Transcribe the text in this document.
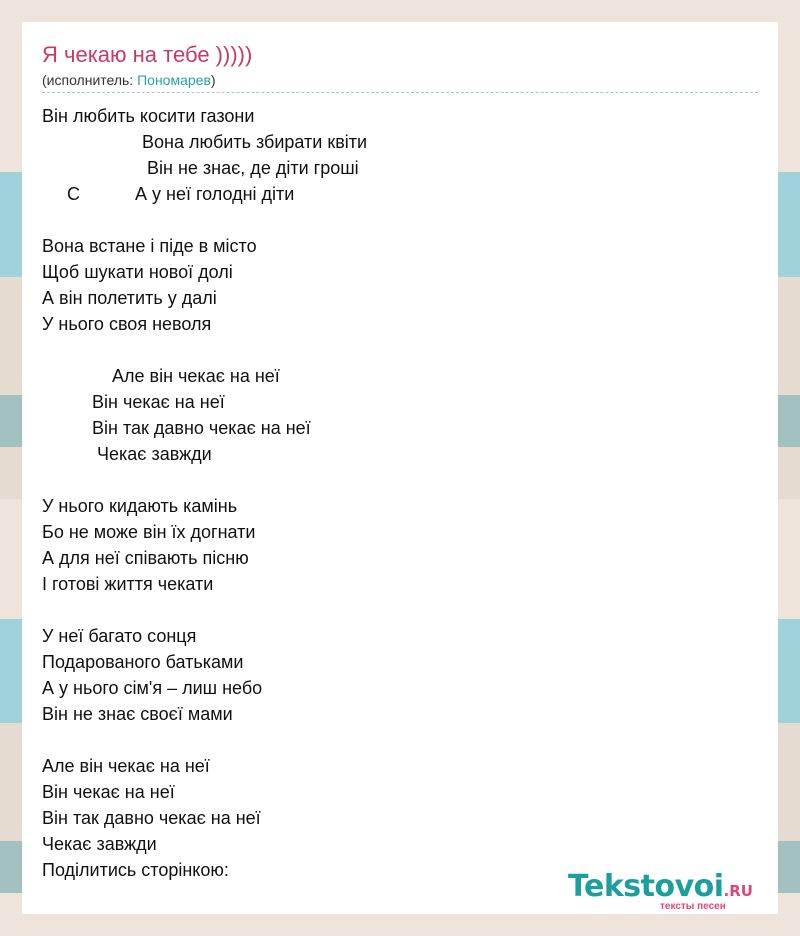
Я чекаю на тебе )))))
(исполнитель: Пономарев)
Він любить косити газони
Вона любить збирати квіти
Він не знає, де діти гроші
C           А у неї голодні діти

Вона встане і піде в місто
Щоб шукати нової долі
А він полетить у далі
У нього своя неволя

Але він чекає на неї
Він чекає на неї
Він так давно чекає на неї
Чекає завжди

У нього кидають камінь
Бо не може він їх догнати
А для неї співають пісню
І готові життя чекати

У неї багато сонця
Подарованого батьками
А у нього сім'я – лиш небо
Він не знає своєї мами

Але він чекає на неї
Він чекає на неї
Він так давно чекає на неї
Чекає завжди
Поділитись сторінкою:	Tekstovoi.RU
тексты песен
